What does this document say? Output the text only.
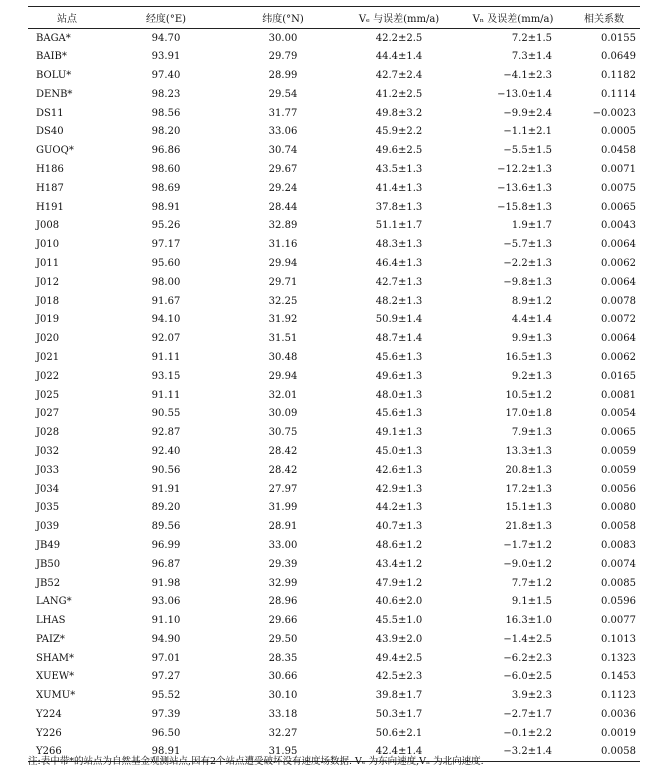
站点	经度(°E)	纬度(°N)	Vₑ 与误差(mm/a)	Vₙ 及误差(mm/a)	相关系数
BAGA*	94.70	30.00	42.2±2.5	7.2±1.5	0.0155
BAIB*	93.91	29.79	44.4±1.4	7.3±1.4	0.0649
BOLU*	97.40	28.99	42.7±2.4	−4.1±2.3	0.1182
DENB*	98.23	29.54	41.2±2.5	−13.0±1.4	0.1114
DS11	98.56	31.77	49.8±3.2	−9.9±2.4	−0.0023
DS40	98.20	33.06	45.9±2.2	−1.1±2.1	0.0005
GUOQ*	96.86	30.74	49.6±2.5	−5.5±1.5	0.0458
H186	98.60	29.67	43.5±1.3	−12.2±1.3	0.0071
H187	98.69	29.24	41.4±1.3	−13.6±1.3	0.0075
H191	98.91	28.44	37.8±1.3	−15.8±1.3	0.0065
J008	95.26	32.89	51.1±1.7	1.9±1.7	0.0043
J010	97.17	31.16	48.3±1.3	−5.7±1.3	0.0064
J011	95.60	29.94	46.4±1.3	−2.2±1.3	0.0062
J012	98.00	29.71	42.7±1.3	−9.8±1.3	0.0064
J018	91.67	32.25	48.2±1.3	8.9±1.2	0.0078
J019	94.10	31.92	50.9±1.4	4.4±1.4	0.0072
J020	92.07	31.51	48.7±1.4	9.9±1.3	0.0064
J021	91.11	30.48	45.6±1.3	16.5±1.3	0.0062
J022	93.15	29.94	49.6±1.3	9.2±1.3	0.0165
J025	91.11	32.01	48.0±1.3	10.5±1.2	0.0081
J027	90.55	30.09	45.6±1.3	17.0±1.8	0.0054
J028	92.87	30.75	49.1±1.3	7.9±1.3	0.0065
J032	92.40	28.42	45.0±1.3	13.3±1.3	0.0059
J033	90.56	28.42	42.6±1.3	20.8±1.3	0.0059
J034	91.91	27.97	42.9±1.3	17.2±1.3	0.0056
J035	89.20	31.99	44.2±1.3	15.1±1.3	0.0080
J039	89.56	28.91	40.7±1.3	21.8±1.3	0.0058
JB49	96.99	33.00	48.6±1.2	−1.7±1.2	0.0083
JB50	96.87	29.39	43.4±1.2	−9.0±1.2	0.0074
JB52	91.98	32.99	47.9±1.2	7.7±1.2	0.0085
LANG*	93.06	28.96	40.6±2.0	9.1±1.5	0.0596
LHAS	91.10	29.66	45.5±1.0	16.3±1.0	0.0077
PAIZ*	94.90	29.50	43.9±2.0	−1.4±2.5	0.1013
SHAM*	97.01	28.35	49.4±2.5	−6.2±2.3	0.1323
XUEW*	97.27	30.66	42.5±2.3	−6.0±2.5	0.1453
XUMU*	95.52	30.10	39.8±1.7	3.9±2.3	0.1123
Y224	97.39	33.18	50.3±1.7	−2.7±1.7	0.0036
Y226	96.50	32.27	50.6±2.1	−0.1±2.2	0.0019
Y266	98.91	31.95	42.4±1.4	−3.2±1.4	0.0058
注:表中带*的站点为自然基金观测站点,因有2个站点遭受破坏没有速度场数据. Vₑ 为东向速度,Vₙ 为北向速度.
